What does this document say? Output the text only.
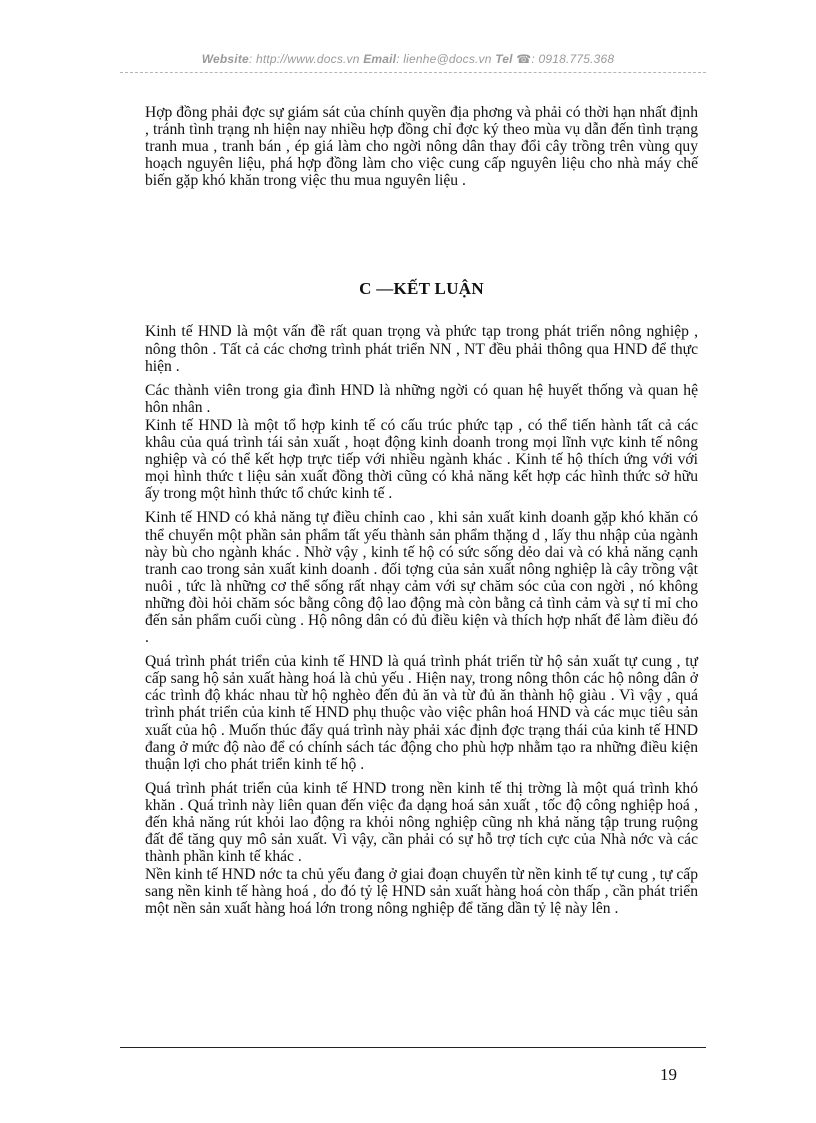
Website: http://www.docs.vn Email: lienhe@docs.vn Tel ☎: 0918.775.368

Hợp đồng phải đợc sự giám sát của chính quyền địa phơng và phải có thời hạn nhất định , tránh tình trạng nh hiện nay nhiều hợp đồng chỉ đợc ký theo mùa vụ dẫn đến tình trạng tranh mua , tranh bán , ép giá làm cho ngời nông dân thay đổi cây trồng trên vùng quy hoạch nguyên liệu, phá hợp đồng làm cho việc cung cấp nguyên liệu cho nhà máy chế biến gặp khó khăn trong việc thu mua nguyên liệu .

C —KẾT LUẬN

Kinh tế HND là một vấn đề rất quan trọng và phức tạp trong phát triển nông nghiệp , nông thôn . Tất cả các chơng trình phát triển NN , NT đều phải thông qua HND để thực hiện .

Các thành viên trong gia đình HND là những ngời có quan hệ huyết thống và quan hệ hôn nhân .

Kinh tế HND là một tổ hợp kinh tế có cấu trúc phức tạp , có thể tiến hành tất cả các khâu của quá trình tái sản xuất , hoạt động kinh doanh trong mọi lĩnh vực kinh tế nông nghiệp và có thể kết hợp trực tiếp với nhiều ngành khác . Kinh tế hộ thích ứng với với mọi hình thức t liệu sản xuất đồng thời cũng có khả năng kết hợp các hình thức sở hữu ấy trong một hình thức tổ chức kinh tế .

Kinh tế HND có khả năng tự điều chỉnh cao , khi sản xuất kinh doanh gặp khó khăn có thể chuyển một phần sản phẩm tất yếu thành sản phẩm thặng d , lấy thu nhập của ngành này bù cho ngành khác . Nhờ vậy , kinh tế hộ có sức sống dẻo dai và có khả năng cạnh tranh cao trong sản xuất kinh doanh . đối tợng của sản xuất nông nghiệp là cây trồng vật nuôi , tức là những cơ thể sống rất nhạy cảm với sự chăm sóc của con ngời , nó không những đòi hỏi chăm sóc bằng công độ lao động mà còn bằng cả tình cảm và sự tỉ mỉ cho đến sản phẩm cuối cùng . Hộ nông dân có đủ điều kiện và thích hợp nhất để làm điều đó .

Quá trình phát triển của kinh tế HND là quá trình phát triển từ hộ sản xuất tự cung , tự cấp sang hộ sản xuất hàng hoá là chủ yếu . Hiện nay, trong nông thôn các hộ nông dân ở các trình độ khác nhau từ hộ nghèo đến đủ ăn và từ đủ ăn thành hộ giàu . Vì vậy , quá trình phát triển của kinh tế HND phụ thuộc vào việc phân hoá HND và các mục tiêu sản xuất của hộ . Muốn thúc đẩy quá trình này phải xác định đợc trạng thái của kinh tế HND đang ở mức độ nào để có chính sách tác động cho phù hợp nhằm tạo ra những điều kiện thuận lợi cho phát triển kinh tế hộ .

Quá trình phát triển của kinh tế HND trong nền kinh tế thị trờng là một quá trình khó khăn . Quá trình này liên quan đến việc đa dạng hoá sản xuất , tốc độ công nghiệp hoá , đến khả năng rút khỏi lao động ra khỏi nông nghiệp cũng nh khả năng tập trung ruộng đất để tăng quy mô sản xuất. Vì vậy, cần phải có sự hỗ trợ tích cực của Nhà nớc và các thành phần kinh tế khác .

Nền kinh tế HND nớc ta chủ yếu đang ở giai đoạn chuyển từ nền kinh tế tự cung , tự cấp sang nền kinh tế hàng hoá , do đó tỷ lệ HND sản xuất hàng hoá còn thấp , cần phát triển một nền sản xuất hàng hoá lớn trong nông nghiệp để tăng dần tỷ lệ này lên .

19
